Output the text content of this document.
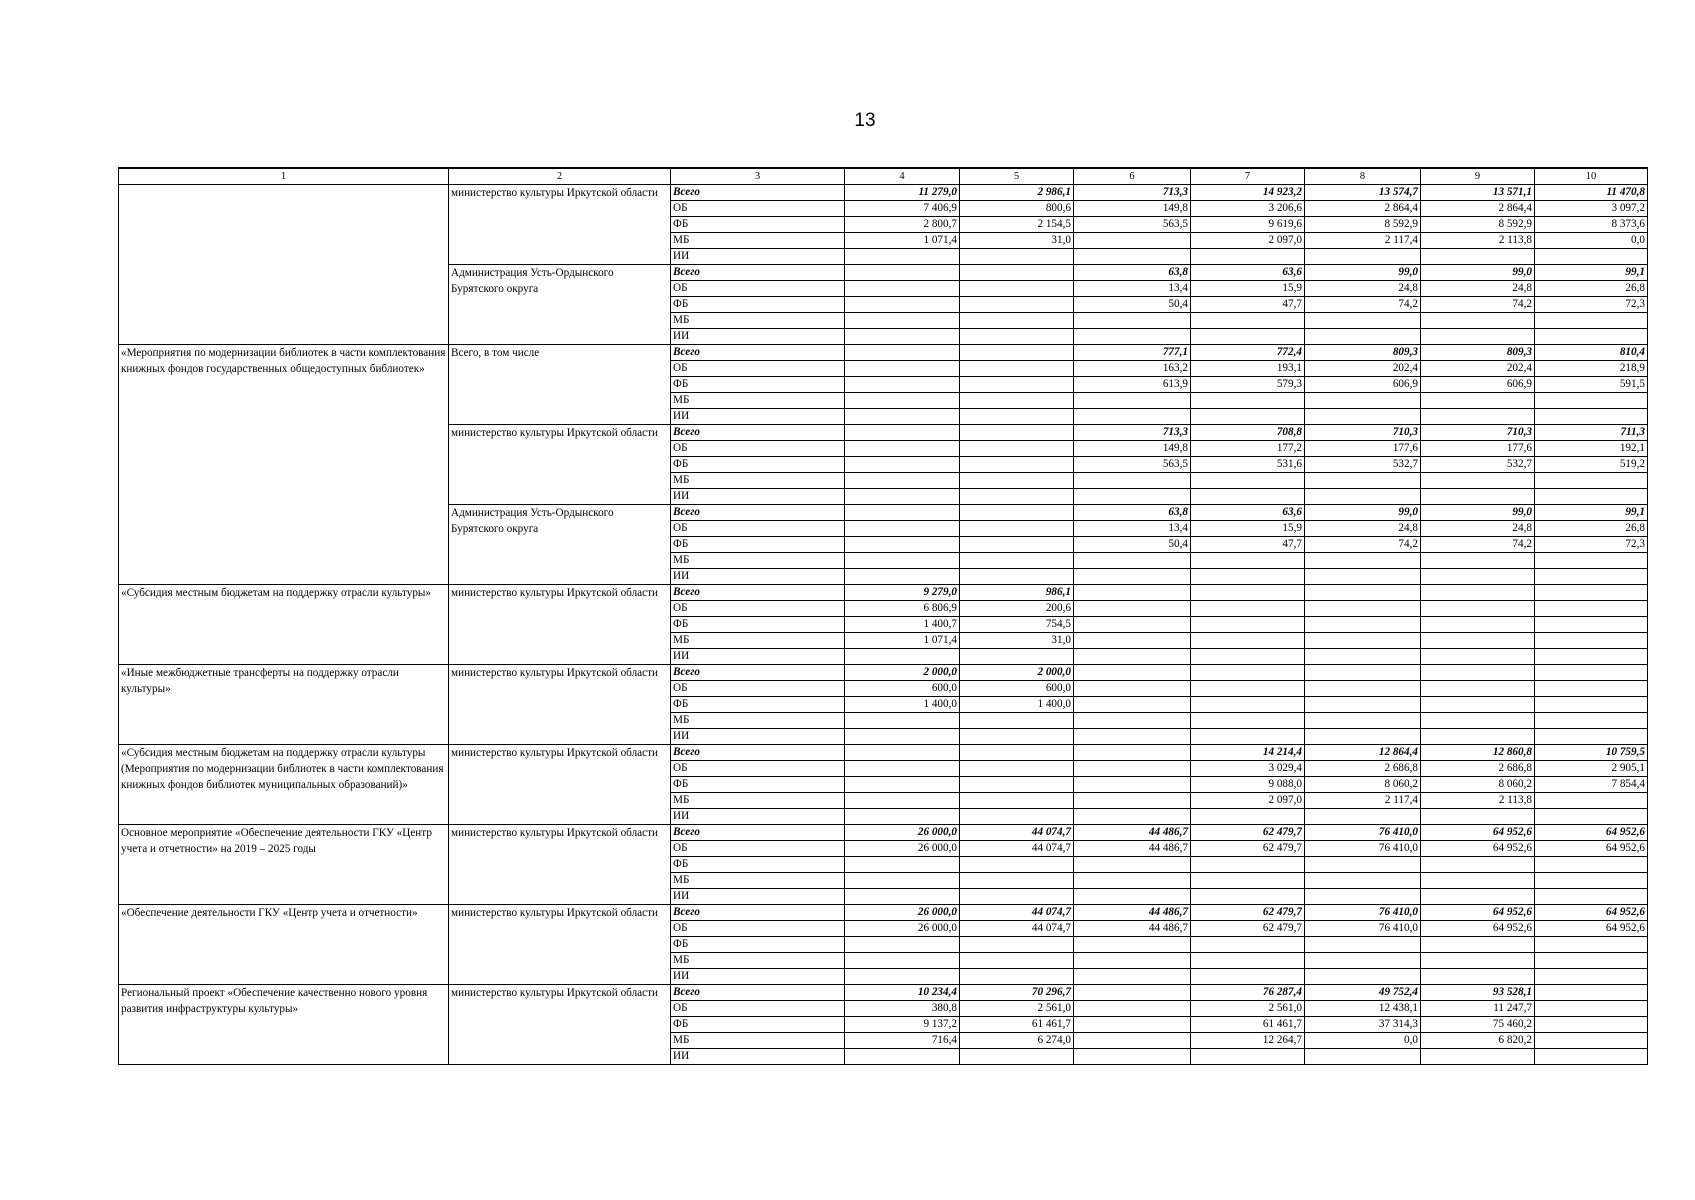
13
1	2	3	4	5	6	7	8	9	10
	министерство культуры Иркутской области	Всего	11 279,0	2 986,1	713,3	14 923,2	13 574,7	13 571,1	11 470,8
		ОБ	7 406,9	800,6	149,8	3 206,6	2 864,4	2 864,4	3 097,2
		ФБ	2 800,7	2 154,5	563,5	9 619,6	8 592,9	8 592,9	8 373,6
		МБ	1 071,4	31,0		2 097,0	2 117,4	2 113,8	0,0
		ИИ							
	Администрация Усть-Ордынского Бурятского округа	Всего			63,8	63,6	99,0	99,0	99,1
		ОБ			13,4	15,9	24,8	24,8	26,8
		ФБ			50,4	47,7	74,2	74,2	72,3
		МБ							
		ИИ							
«Мероприятия по модернизации библиотек в части комплектования книжных фондов государственных общедоступных библиотек»	Всего, в том числе	Всего			777,1	772,4	809,3	809,3	810,4
		ОБ			163,2	193,1	202,4	202,4	218,9
		ФБ			613,9	579,3	606,9	606,9	591,5
		МБ							
		ИИ							
	министерство культуры Иркутской области	Всего			713,3	708,8	710,3	710,3	711,3
		ОБ			149,8	177,2	177,6	177,6	192,1
		ФБ			563,5	531,6	532,7	532,7	519,2
		МБ							
		ИИ							
	Администрация Усть-Ордынского Бурятского округа	Всего			63,8	63,6	99,0	99,0	99,1
		ОБ			13,4	15,9	24,8	24,8	26,8
		ФБ			50,4	47,7	74,2	74,2	72,3
		МБ							
		ИИ							
«Субсидия местным бюджетам на поддержку отрасли культуры»	министерство культуры Иркутской области	Всего	9 279,0	986,1					
		ОБ	6 806,9	200,6					
		ФБ	1 400,7	754,5					
		МБ	1 071,4	31,0					
		ИИ							
«Иные межбюджетные трансферты на поддержку отрасли культуры»	министерство культуры Иркутской области	Всего	2 000,0	2 000,0					
		ОБ	600,0	600,0					
		ФБ	1 400,0	1 400,0					
		МБ							
		ИИ							
«Субсидия местным бюджетам на поддержку отрасли культуры (Мероприятия по модернизации библиотек в части комплектования книжных фондов библиотек муниципальных образований)»	министерство культуры Иркутской области	Всего				14 214,4	12 864,4	12 860,8	10 759,5
		ОБ				3 029,4	2 686,8	2 686,8	2 905,1
		ФБ				9 088,0	8 060,2	8 060,2	7 854,4
		МБ				2 097,0	2 117,4	2 113,8	
		ИИ							
Основное мероприятие «Обеспечение деятельности ГКУ «Центр учета и отчетности» на 2019 – 2025 годы	министерство культуры Иркутской области	Всего	26 000,0	44 074,7	44 486,7	62 479,7	76 410,0	64 952,6	64 952,6
		ОБ	26 000,0	44 074,7	44 486,7	62 479,7	76 410,0	64 952,6	64 952,6
		ФБ							
		МБ							
		ИИ							
«Обеспечение деятельности ГКУ «Центр учета и отчетности»	министерство культуры Иркутской области	Всего	26 000,0	44 074,7	44 486,7	62 479,7	76 410,0	64 952,6	64 952,6
		ОБ	26 000,0	44 074,7	44 486,7	62 479,7	76 410,0	64 952,6	64 952,6
		ФБ							
		МБ							
		ИИ							
Региональный проект «Обеспечение качественно нового уровня развития инфраструктуры культуры»	министерство культуры Иркутской области	Всего	10 234,4	70 296,7		76 287,4	49 752,4	93 528,1	
		ОБ	380,8	2 561,0		2 561,0	12 438,1	11 247,7	
		ФБ	9 137,2	61 461,7		61 461,7	37 314,3	75 460,2	
		МБ	716,4	6 274,0		12 264,7	0,0	6 820,2	
		ИИ							
